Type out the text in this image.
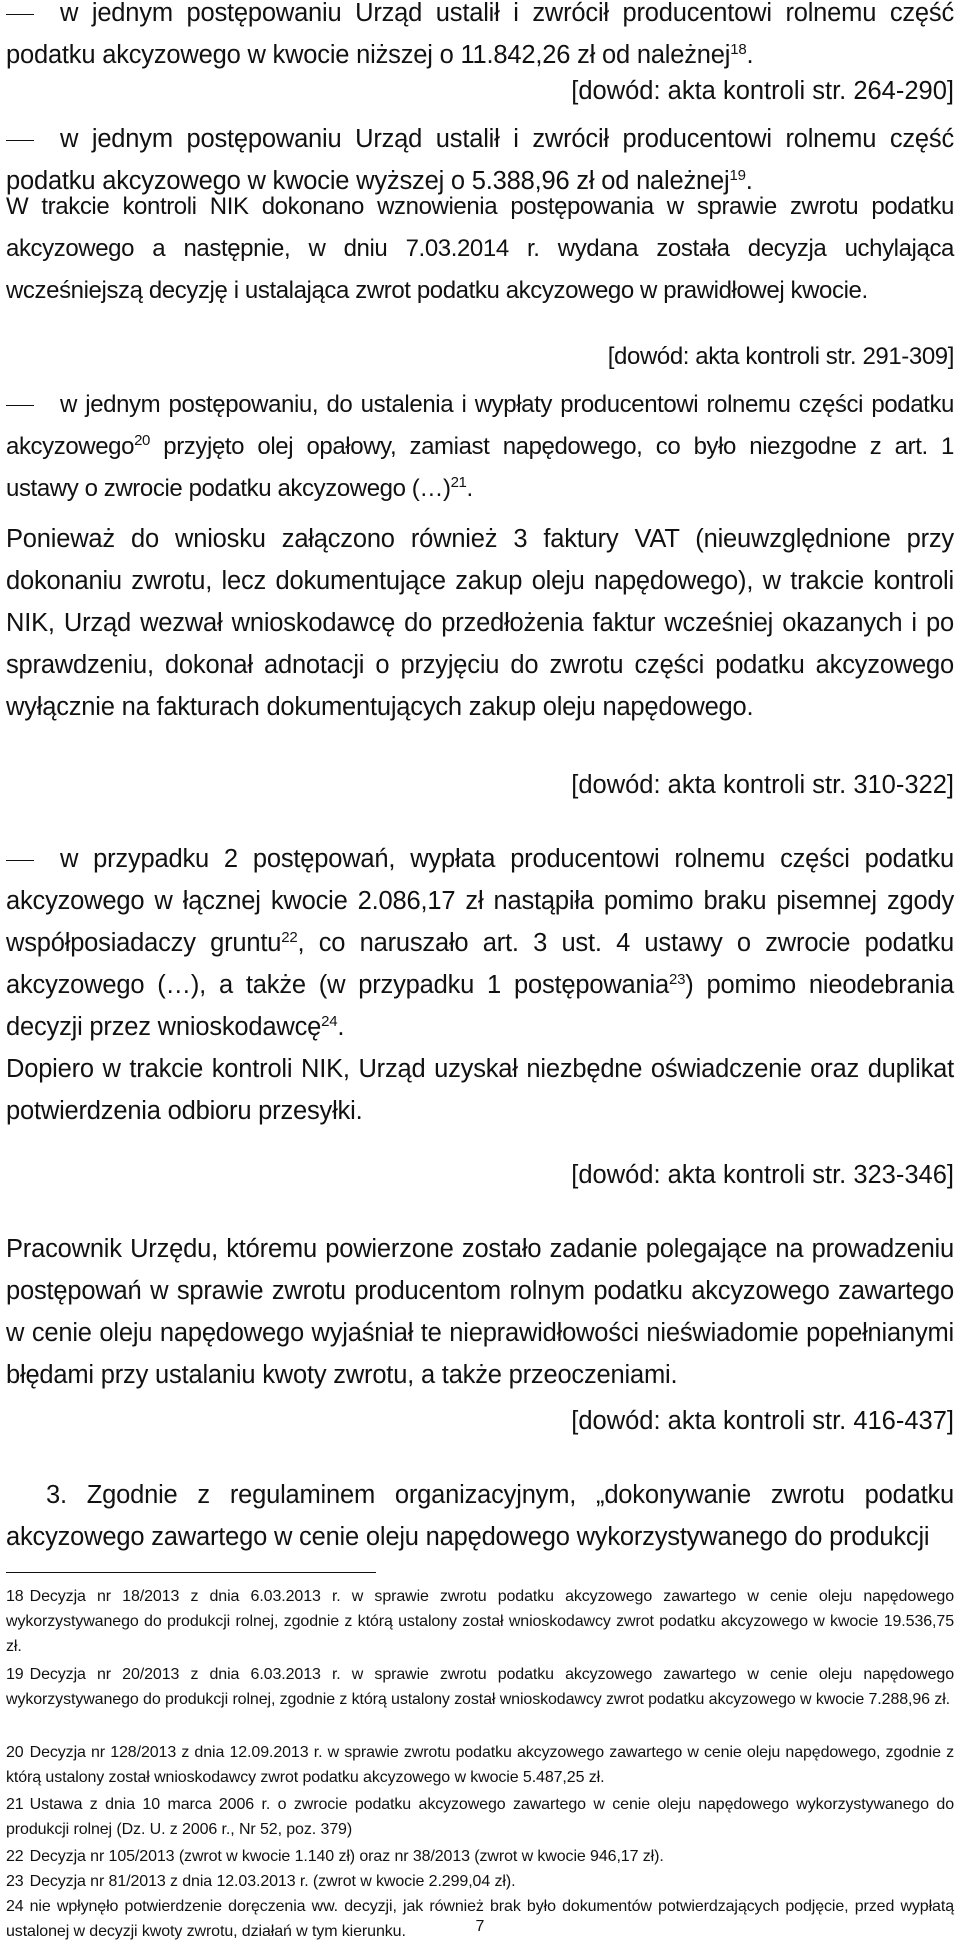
w jednym postępowaniu Urząd ustalił i zwrócił producentowi rolnemu część podatku akcyzowego w kwocie niższej o 11.842,26 zł od należnej$^{18}$.
[dowód: akta kontroli str. 264-290]
w jednym postępowaniu Urząd ustalił i zwrócił producentowi rolnemu część podatku akcyzowego w kwocie wyższej o 5.388,96 zł od należnej$^{19}$.
W trakcie kontroli NIK dokonano wznowienia postępowania w sprawie zwrotu podatku akcyzowego a następnie, w dniu 7.03.2014 r. wydana została decyzja uchylająca wcześniejszą decyzję i ustalająca zwrot podatku akcyzowego w prawidłowej kwocie.
[dowód: akta kontroli str. 291-309]
w jednym postępowaniu, do ustalenia i wypłaty producentowi rolnemu części podatku akcyzowego$^{20}$ przyjęto olej opałowy, zamiast napędowego, co było niezgodne z art. 1 ustawy o zwrocie podatku akcyzowego (…)$^{21}$.
Ponieważ do wniosku załączono również 3 faktury VAT (nieuwzględnione przy dokonaniu zwrotu, lecz dokumentujące zakup oleju napędowego), w trakcie kontroli NIK, Urząd wezwał wnioskodawcę do przedłożenia faktur wcześniej okazanych i po sprawdzeniu, dokonał adnotacji o przyjęciu do zwrotu części podatku akcyzowego wyłącznie na fakturach dokumentujących zakup oleju napędowego.
[dowód: akta kontroli str. 310-322]
w przypadku 2 postępowań, wypłata producentowi rolnemu części podatku akcyzowego w łącznej kwocie 2.086,17 zł nastąpiła pomimo braku pisemnej zgody współposiadaczy gruntu$^{22}$, co naruszało art. 3 ust. 4 ustawy o zwrocie podatku akcyzowego (…), a także (w przypadku 1 postępowania$^{23}$) pomimo nieodebrania decyzji przez wnioskodawcę$^{24}$.
Dopiero w trakcie kontroli NIK, Urząd uzyskał niezbędne oświadczenie oraz duplikat potwierdzenia odbioru przesyłki.
[dowód: akta kontroli str. 323-346]
Pracownik Urzędu, któremu powierzone zostało zadanie polegające na prowadzeniu postępowań w sprawie zwrotu producentom rolnym podatku akcyzowego zawartego w cenie oleju napędowego wyjaśniał te nieprawidłowości nieświadomie popełnianymi błędami przy ustalaniu kwoty zwrotu, a także przeoczeniami.
[dowód: akta kontroli str. 416-437]
3. Zgodnie z regulaminem organizacyjnym, „dokonywanie zwrotu podatku akcyzowego zawartego w cenie oleju napędowego wykorzystywanego do produkcji
18 Decyzja nr 18/2013 z dnia 6.03.2013 r. w sprawie zwrotu podatku akcyzowego zawartego w cenie oleju napędowego wykorzystywanego do produkcji rolnej, zgodnie z którą ustalony został wnioskodawcy zwrot podatku akcyzowego w kwocie 19.536,75 zł.
19 Decyzja nr 20/2013 z dnia 6.03.2013 r. w sprawie zwrotu podatku akcyzowego zawartego w cenie oleju napędowego wykorzystywanego do produkcji rolnej, zgodnie z którą ustalony został wnioskodawcy zwrot podatku akcyzowego w kwocie 7.288,96 zł.
20 Decyzja nr 128/2013 z dnia 12.09.2013 r. w sprawie zwrotu podatku akcyzowego zawartego w cenie oleju napędowego, zgodnie z którą ustalony został wnioskodawcy zwrot podatku akcyzowego w kwocie 5.487,25 zł.
21 Ustawa z dnia 10 marca 2006 r. o zwrocie podatku akcyzowego zawartego w cenie oleju napędowego wykorzystywanego do produkcji rolnej (Dz. U. z 2006 r., Nr 52, poz. 379)
22 Decyzja nr 105/2013 (zwrot w kwocie 1.140 zł) oraz nr 38/2013 (zwrot w kwocie 946,17 zł).
23 Decyzja nr 81/2013 z dnia 12.03.2013 r. (zwrot w kwocie 2.299,04 zł).
24 nie wpłynęło potwierdzenie doręczenia ww. decyzji, jak również brak było dokumentów potwierdzających podjęcie, przed wypłatą ustalonej w decyzji kwoty zwrotu, działań w tym kierunku.	7
